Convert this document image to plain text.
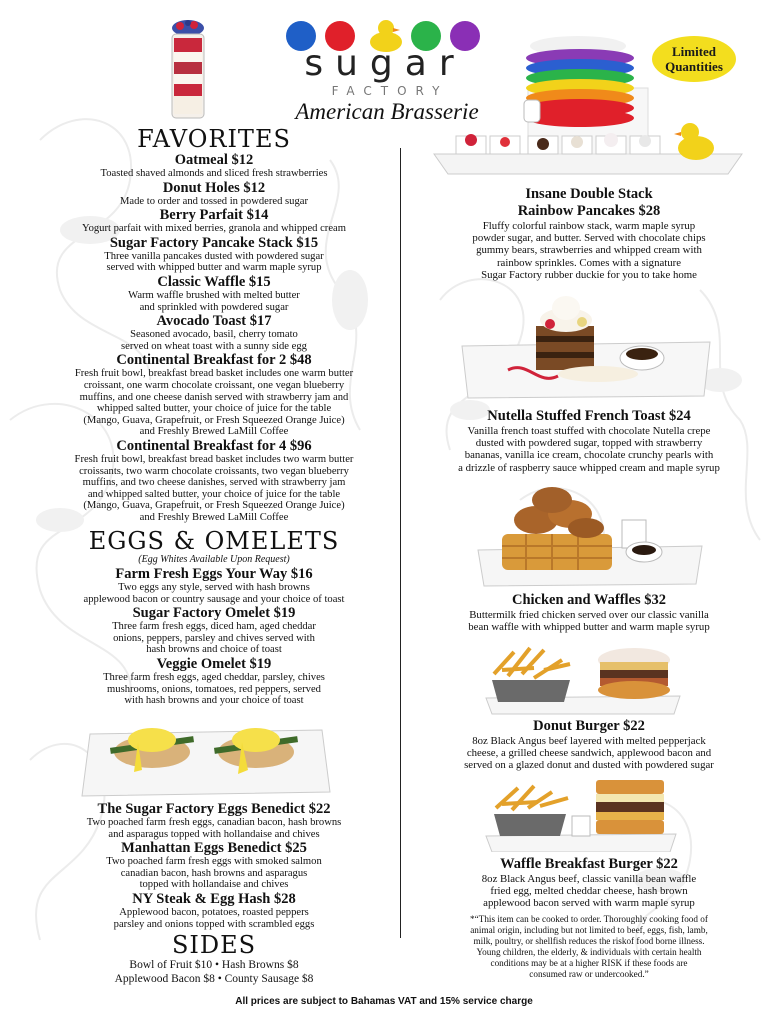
sugar
FACTORY
American Brasserie
Limited
Quantities
FAVORITES

Oatmeal $12

Toasted shaved almonds and sliced fresh strawberries

Donut Holes $12

Made to order and tossed in powdered sugar

Berry Parfait $14

Yogurt parfait with mixed berries, granola and whipped cream

Sugar Factory Pancake Stack $15

Three vanilla pancakes dusted with powdered sugar

served with whipped butter and warm maple syrup

Classic Waffle $15

Warm waffle brushed with melted butter

and sprinkled with powdered sugar

Avocado Toast $17

Seasoned avocado, basil, cherry tomato

served on wheat toast with a sunny side egg

Continental Breakfast for 2 $48

Fresh fruit bowl, breakfast bread basket includes one warm butter

croissant, one warm chocolate croissant, one vegan blueberry

muffins, and one cheese danish served with strawberry jam and

whipped salted butter, your choice of juice for the table

(Mango, Guava, Grapefruit, or Fresh Squeezed Orange Juice)

and Freshly Brewed LaMill Coffee

Continental Breakfast for 4 $96

Fresh fruit bowl, breakfast bread basket includes two warm butter

croissants, two warm chocolate croissants, two vegan blueberry

muffins, and two cheese danishes, served with strawberry jam

and whipped salted butter, your choice of juice for the table

(Mango, Guava, Grapefruit, or Fresh Squeezed Orange Juice)

and Freshly Brewed LaMill Coffee

EGGS & OMELETS
(Egg Whites Available Upon Request)

Farm Fresh Eggs Your Way $16

Two eggs any style, served with hash browns

applewood bacon or country sausage and your choice of toast

Sugar Factory Omelet $19

Three farm fresh eggs, diced ham, aged cheddar

onions, peppers, parsley and chives served with

hash browns and choice of toast

Veggie Omelet $19

Three farm fresh eggs, aged cheddar, parsley, chives

mushrooms, onions, tomatoes, red peppers, served

with hash browns and your choice of toast

The Sugar Factory Eggs Benedict $22

Two poached farm fresh eggs, canadian bacon, hash browns

and asparagus topped with hollandaise and chives

Manhattan Eggs Benedict $25

Two poached farm fresh eggs with smoked salmon

canadian bacon, hash browns and asparagus

topped with hollandaise and chives

NY Steak & Egg Hash $28

Applewood bacon, potatoes, roasted peppers

parsley and onions topped with scrambled eggs

SIDES
Bowl of Fruit $10 • Hash Browns $8
Applewood Bacon $8 • County Sausage $8

Insane Double Stack

Rainbow Pancakes $28

Fluffy colorful rainbow stack, warm maple syrup

powder sugar, and butter. Served with chocolate chips

gummy bears, strawberries and whipped cream with

rainbow sprinkles. Comes with a signature

Sugar Factory rubber duckie for you to take home

Nutella Stuffed French Toast $24

Vanilla french toast stuffed with chocolate Nutella crepe

dusted with powdered sugar, topped with strawberry

bananas, vanilla ice cream, chocolate crunchy pearls with

a drizzle of raspberry sauce whipped cream and maple syrup

Chicken and Waffles $32

Buttermilk fried chicken served over our classic vanilla

bean waffle with whipped butter and warm maple syrup

Donut Burger $22

8oz Black Angus beef layered with melted pepperjack

cheese, a grilled cheese sandwich, applewood bacon and

served on a glazed donut and dusted with powdered sugar

Waffle Breakfast Burger $22

8oz Black Angus beef, classic vanilla bean waffle

fried egg, melted cheddar cheese, hash brown

applewood bacon served with warm maple syrup

*“This item can be cooked to order. Thoroughly cooking food of
animal origin, including but not limited to beef, eggs, fish, lamb,
milk, poultry, or shellfish reduces the riskof food borne illness.
Young children, the elderly, & individuals with certain health
conditions may be at a higher RISK if these foods are
consumed raw or undercooked.”
All prices are subject to Bahamas VAT and 15% service charge
